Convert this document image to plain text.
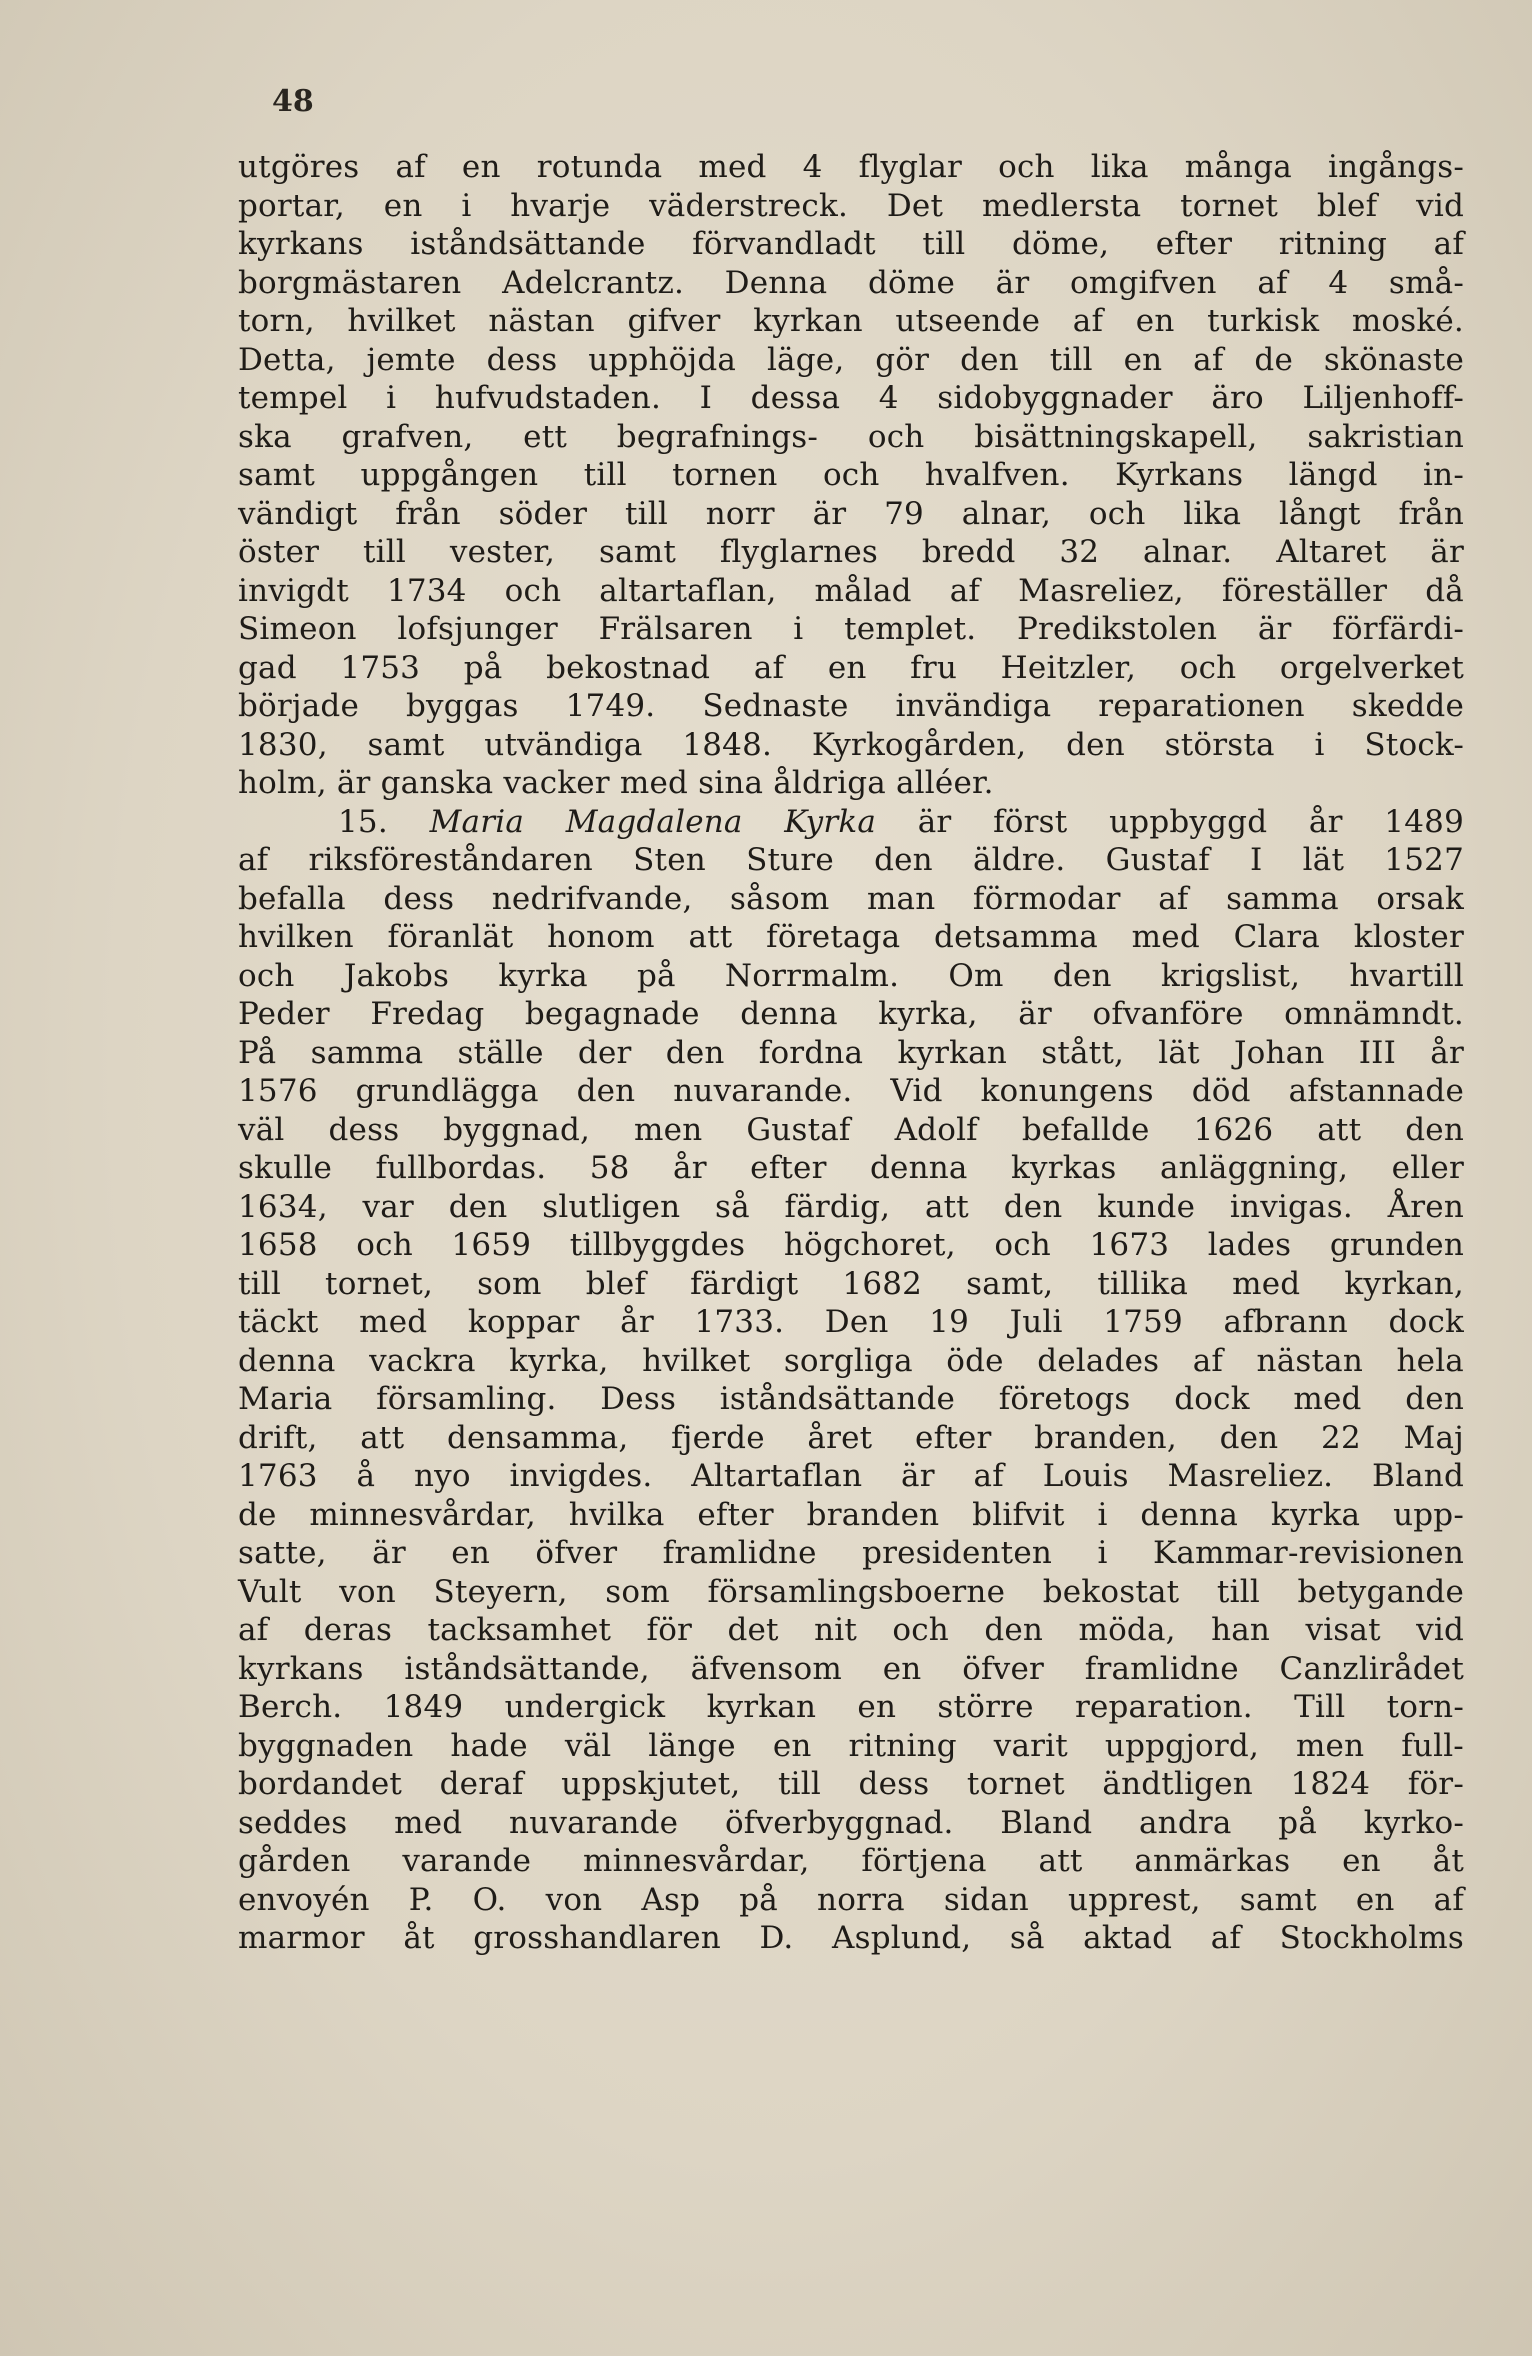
48
utgöres af en rotunda med 4 flyglar och lika många ingångs-
portar, en i hvarje väderstreck. Det medlersta tornet blef vid
kyrkans iståndsättande förvandladt till döme, efter ritning af
borgmästaren Adelcrantz. Denna döme är omgifven af 4 små-
torn, hvilket nästan gifver kyrkan utseende af en turkisk moské.
Detta, jemte dess upphöjda läge, gör den till en af de skönaste
tempel i hufvudstaden. I dessa 4 sidobyggnader äro Liljenhoff-
ska grafven, ett begrafnings- och bisättningskapell, sakristian
samt uppgången till tornen och hvalfven. Kyrkans längd in-
vändigt från söder till norr är 79 alnar, och lika långt från
öster till vester, samt flyglarnes bredd 32 alnar. Altaret är
invigdt 1734 och altartaflan, målad af Masreliez, föreställer då
Simeon lofsjunger Frälsaren i templet. Predikstolen är förfärdi-
gad 1753 på bekostnad af en fru Heitzler, och orgelverket
började byggas 1749. Sednaste invändiga reparationen skedde
1830, samt utvändiga 1848. Kyrkogården, den största i Stock-
holm, är ganska vacker med sina åldriga alléer.
15. Maria Magdalena Kyrka är först uppbyggd år 1489
af riksföreståndaren Sten Sture den äldre. Gustaf I lät 1527
befalla dess nedrifvande, såsom man förmodar af samma orsak
hvilken föranlät honom att företaga detsamma med Clara kloster
och Jakobs kyrka på Norrmalm. Om den krigslist, hvartill
Peder Fredag begagnade denna kyrka, är ofvanföre omnämndt.
På samma ställe der den fordna kyrkan stått, lät Johan III år
1576 grundlägga den nuvarande. Vid konungens död afstannade
väl dess byggnad, men Gustaf Adolf befallde 1626 att den
skulle fullbordas. 58 år efter denna kyrkas anläggning, eller
1634, var den slutligen så färdig, att den kunde invigas. Åren
1658 och 1659 tillbyggdes högchoret, och 1673 lades grunden
till tornet, som blef färdigt 1682 samt, tillika med kyrkan,
täckt med koppar år 1733. Den 19 Juli 1759 afbrann dock
denna vackra kyrka, hvilket sorgliga öde delades af nästan hela
Maria församling. Dess iståndsättande företogs dock med den
drift, att densamma, fjerde året efter branden, den 22 Maj
1763 å nyo invigdes. Altartaflan är af Louis Masreliez. Bland
de minnesvårdar, hvilka efter branden blifvit i denna kyrka upp-
satte, är en öfver framlidne presidenten i Kammar-revisionen
Vult von Steyern, som församlingsboerne bekostat till betygande
af deras tacksamhet för det nit och den möda, han visat vid
kyrkans iståndsättande, äfvensom en öfver framlidne Canzlirådet
Berch. 1849 undergick kyrkan en större reparation. Till torn-
byggnaden hade väl länge en ritning varit uppgjord, men full-
bordandet deraf uppskjutet, till dess tornet ändtligen 1824 för-
seddes med nuvarande öfverbyggnad. Bland andra på kyrko-
gården varande minnesvårdar, förtjena att anmärkas en åt
envoyén P. O. von Asp på norra sidan upprest, samt en af
marmor åt grosshandlaren D. Asplund, så aktad af Stockholms
